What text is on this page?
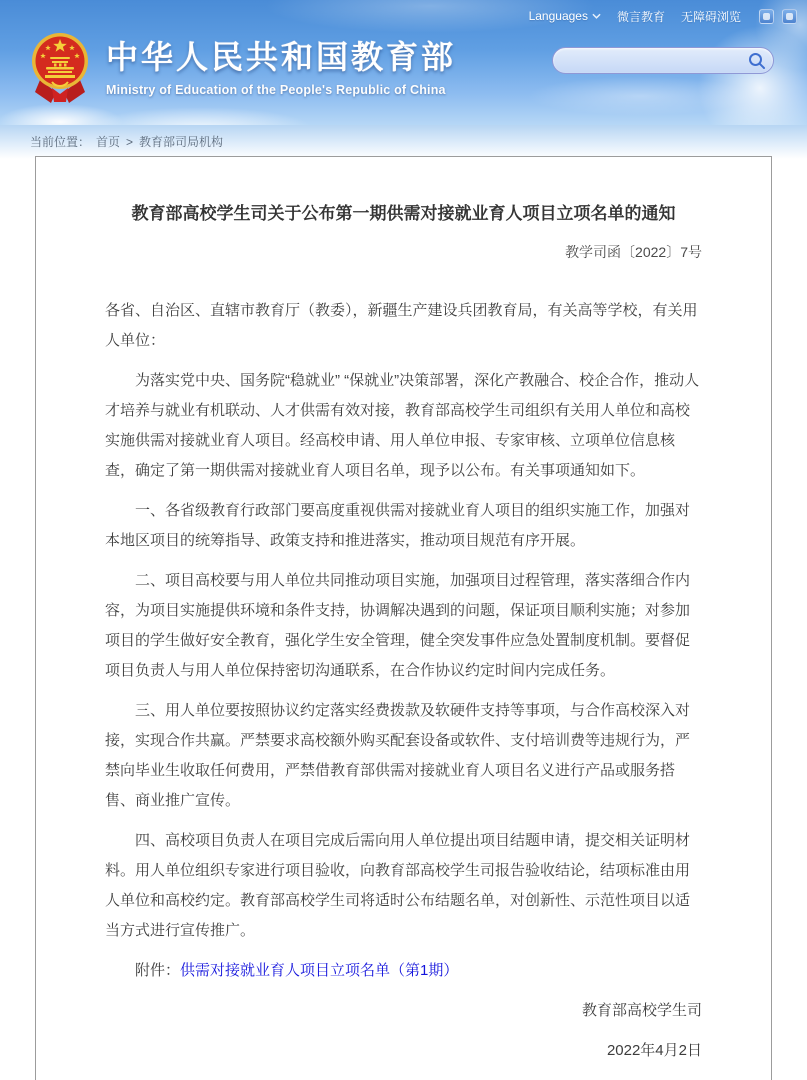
Languages 微言教育 无障碍浏览
中华人民共和国教育部
Ministry of Education of the People's Republic of China
当前位置： 首页 > 教育部司局机构
教育部高校学生司关于公布第一期供需对接就业育人项目立项名单的通知
教学司函〔2022〕7号

各省、自治区、直辖市教育厅（教委），新疆生产建设兵团教育局，有关高等学校，有关用人单位：

为落实党中央、国务院“稳就业” “保就业”决策部署，深化产教融合、校企合作，推动人才培养与就业有机联动、人才供需有效对接，教育部高校学生司组织有关用人单位和高校实施供需对接就业育人项目。经高校申请、用人单位申报、专家审核、立项单位信息核查，确定了第一期供需对接就业育人项目名单，现予以公布。有关事项通知如下。

一、各省级教育行政部门要高度重视供需对接就业育人项目的组织实施工作，加强对本地区项目的统筹指导、政策支持和推进落实，推动项目规范有序开展。

二、项目高校要与用人单位共同推动项目实施，加强项目过程管理，落实落细合作内容，为项目实施提供环境和条件支持，协调解决遇到的问题，保证项目顺利实施；对参加项目的学生做好安全教育，强化学生安全管理，健全突发事件应急处置制度机制。要督促项目负责人与用人单位保持密切沟通联系，在合作协议约定时间内完成任务。

三、用人单位要按照协议约定落实经费拨款及软硬件支持等事项，与合作高校深入对接，实现合作共赢。严禁要求高校额外购买配套设备或软件、支付培训费等违规行为，严禁向毕业生收取任何费用，严禁借教育部供需对接就业育人项目名义进行产品或服务搭售、商业推广宣传。

四、高校项目负责人在项目完成后需向用人单位提出项目结题申请，提交相关证明材料。用人单位组织专家进行项目验收，向教育部高校学生司报告验收结论，结项标准由用人单位和高校约定。教育部高校学生司将适时公布结题名单，对创新性、示范性项目以适当方式进行宣传推广。

附件：供需对接就业育人项目立项名单（第1期）

教育部高校学生司

2022年4月2日
